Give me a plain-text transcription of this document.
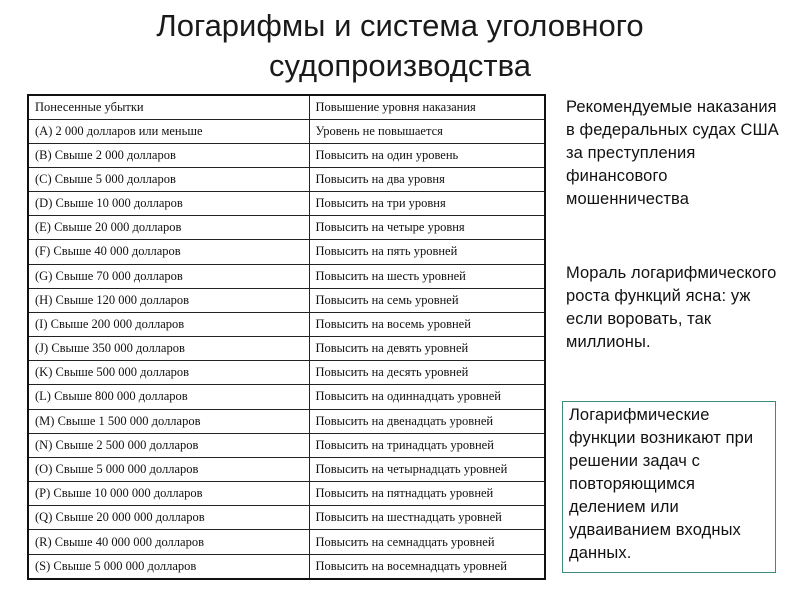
Логарифмы и система уголовного
судопроизводства
Понесенные убытки	Повышение уровня наказания
(A) 2 000 долларов или меньше	Уровень не повышается
(B) Свыше 2 000 долларов	Повысить на один уровень
(C) Свыше 5 000 долларов	Повысить на два уровня
(D) Свыше 10 000 долларов	Повысить на три уровня
(E) Свыше 20 000 долларов	Повысить на четыре уровня
(F) Свыше 40 000 долларов	Повысить на пять уровней
(G) Свыше 70 000 долларов	Повысить на шесть уровней
(H) Свыше 120 000 долларов	Повысить на семь уровней
(I) Свыше 200 000 долларов	Повысить на восемь уровней
(J) Свыше 350 000 долларов	Повысить на девять уровней
(K) Свыше 500 000 долларов	Повысить на десять уровней
(L) Свыше 800 000 долларов	Повысить на одиннадцать уровней
(M) Свыше 1 500 000 долларов	Повысить на двенадцать уровней
(N) Свыше 2 500 000 долларов	Повысить на тринадцать уровней
(O) Свыше 5 000 000 долларов	Повысить на четырнадцать уровней
(P) Свыше 10 000 000 долларов	Повысить на пятнадцать уровней
(Q) Свыше 20 000 000 долларов	Повысить на шестнадцать уровней
(R) Свыше 40 000 000 долларов	Повысить на семнадцать уровней
(S) Свыше 5 000 000 долларов	Повысить на восемнадцать уровней
Рекомендуемые наказания в федеральных судах США за преступления финансового мошенничества
Мораль логарифмического роста функций ясна: уж если воровать, так миллионы.
Логарифмические функции возникают при решении задач с повторяющимся делением или удваиванием входных данных.
